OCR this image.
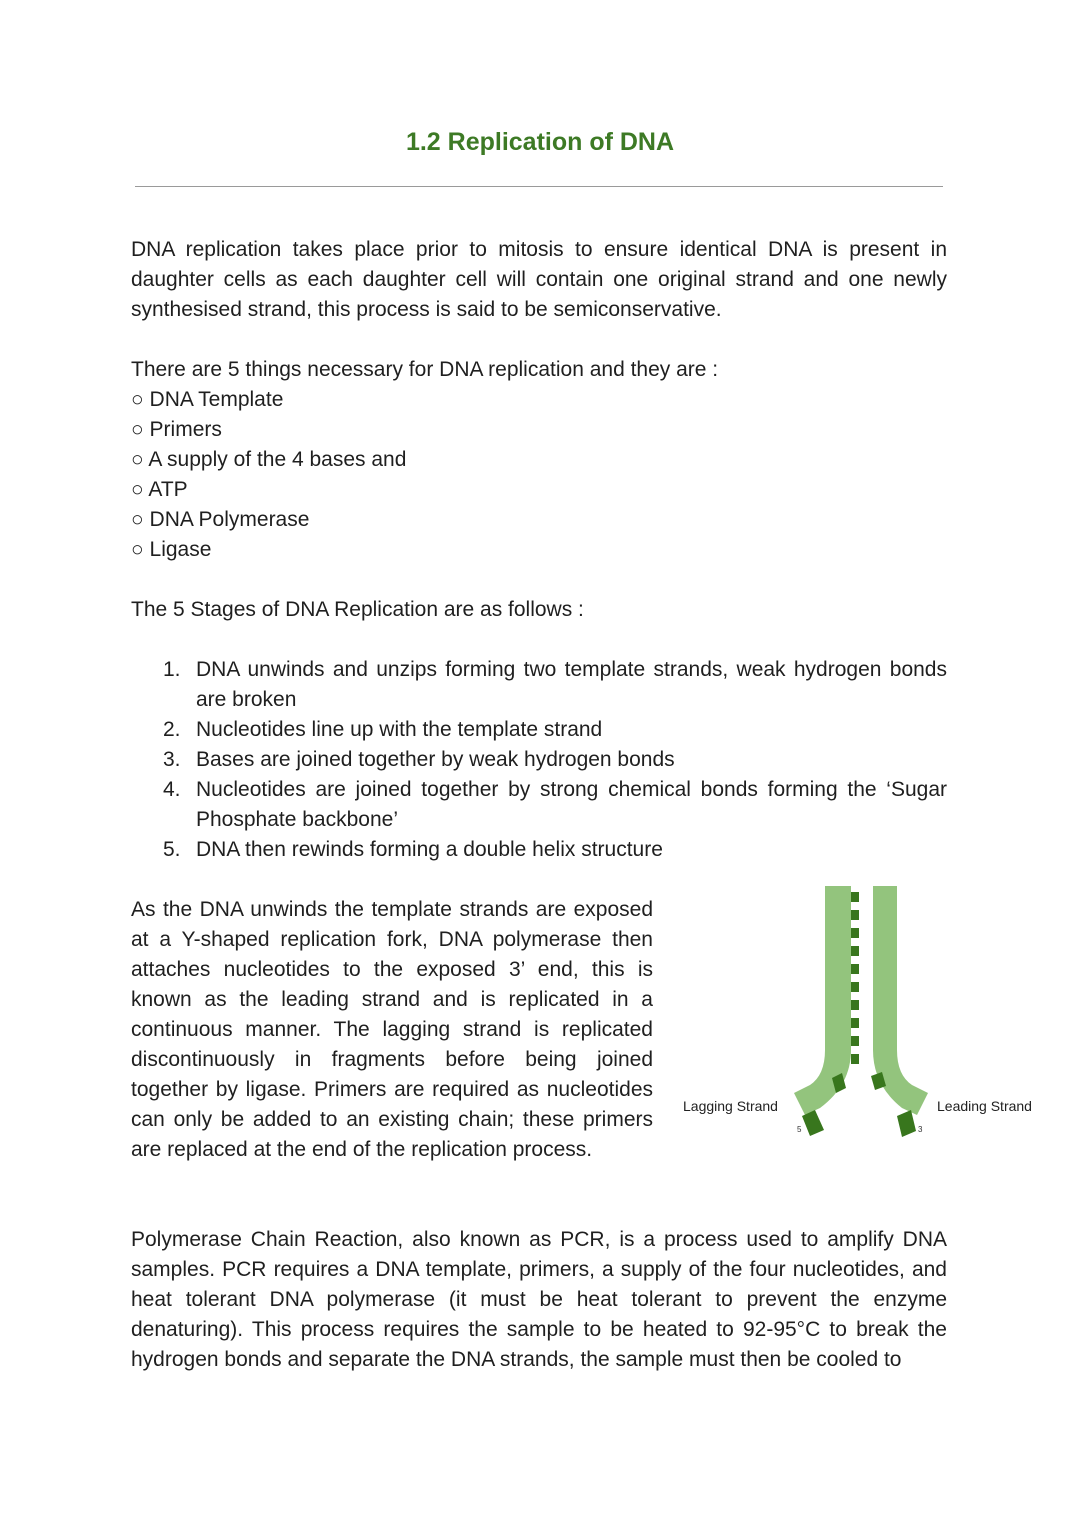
1.2 Replication of DNA

DNA replication takes place prior to mitosis to ensure identical DNA is present in daughter cells as each daughter cell will contain one original strand and one newly synthesised strand, this process is said to be semiconservative.

There are 5 things necessary for DNA replication and they are :

○ DNA Template
○ Primers
○ A supply of the 4 bases and
○ ATP
○ DNA Polymerase
○ Ligase

The 5 Stages of DNA Replication are as follows :

1. DNA unwinds and unzips forming two template strands, weak hydrogen bonds are broken
2. Nucleotides line up with the template strand
3. Bases are joined together by weak hydrogen bonds
4. Nucleotides are joined together by strong chemical bonds forming the ‘Sugar Phosphate backbone’
5. DNA then rewinds forming a double helix structure

As the DNA unwinds the template strands are exposed at a Y-shaped replication fork, DNA polymerase then attaches nucleotides to the exposed 3’ end, this is known as the leading strand and is replicated in a continuous manner. The lagging strand is replicated discontinuously in fragments before being joined together by ligase. Primers are required as nucleotides can only be added to an existing chain; these primers are replaced at the end of the replication process.

Lagging Strand	Leading Strand
5	3

Polymerase Chain Reaction, also known as PCR, is a process used to amplify DNA samples. PCR requires a DNA template, primers, a supply of the four nucleotides, and heat tolerant DNA polymerase (it must be heat tolerant to prevent the enzyme denaturing). This process requires the sample to be heated to 92-95°C to break the hydrogen bonds and separate the DNA strands, the sample must then be cooled to
